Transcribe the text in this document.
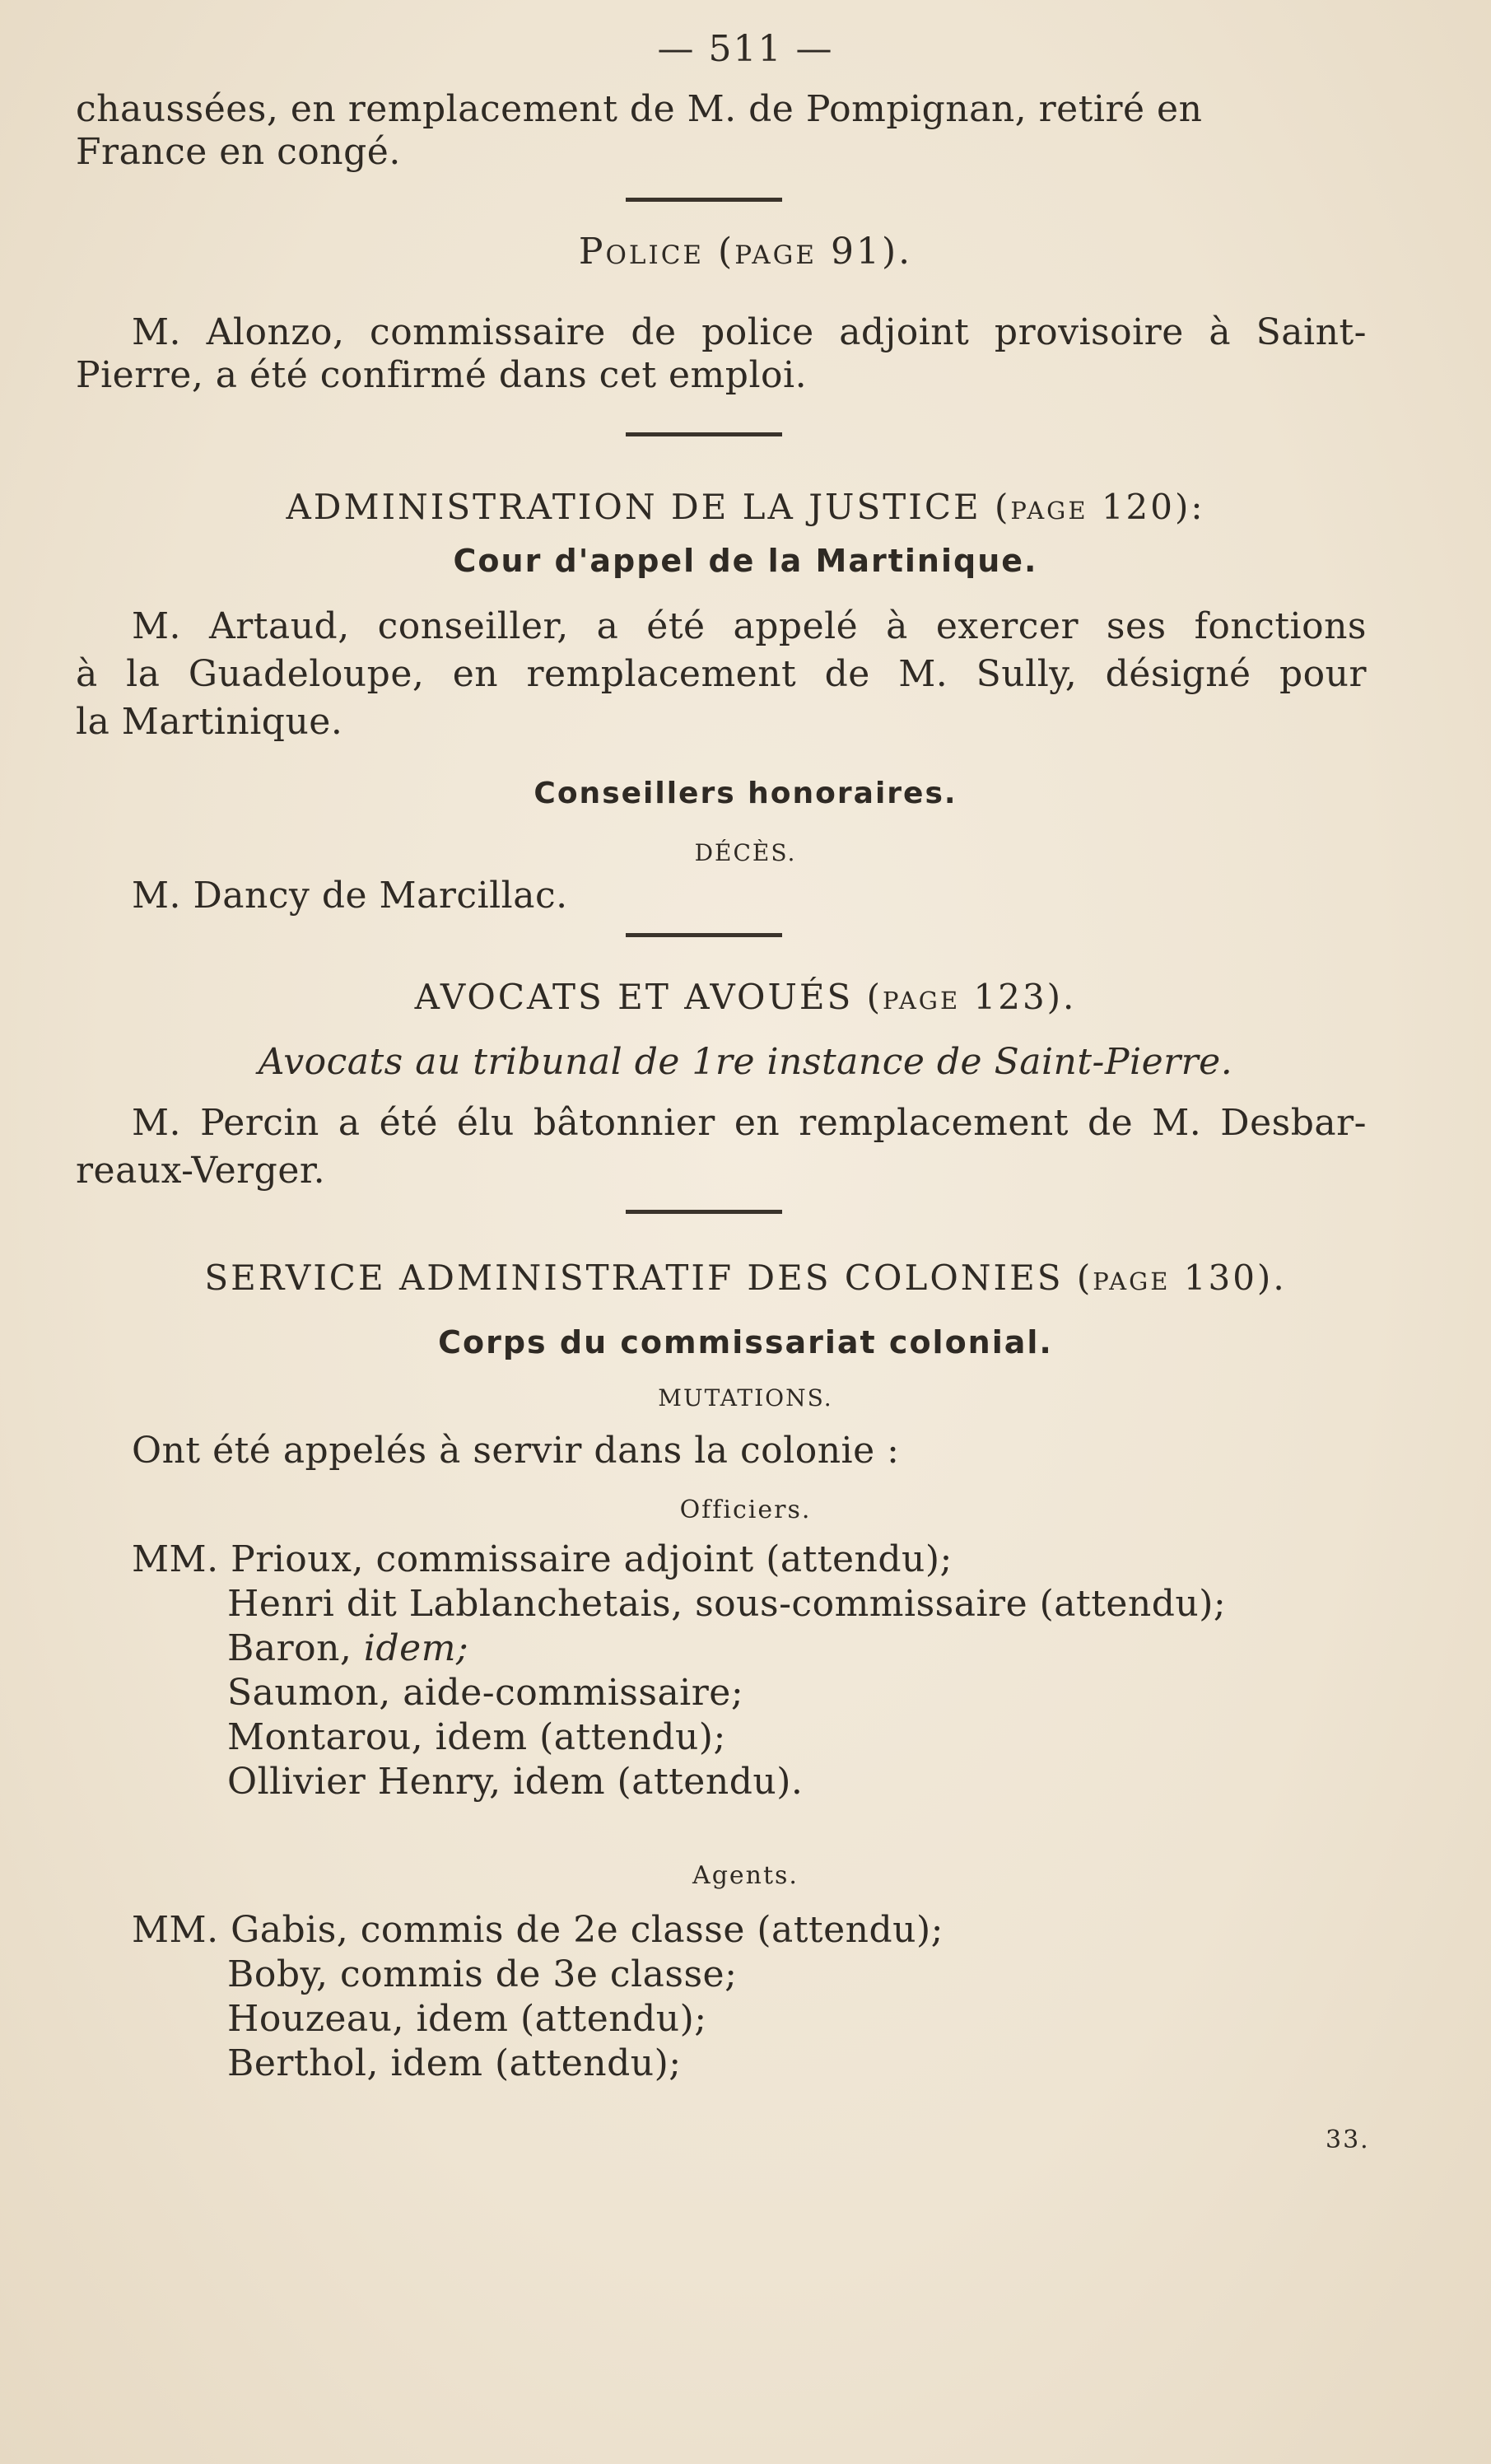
— 511 —
chaussées, en remplacement de M. de Pompignan, retiré en
France en congé.
Police (page 91).
M. Alonzo, commissaire de police adjoint provisoire à Saint-
Pierre, a été confirmé dans cet emploi.
ADMINISTRATION DE LA JUSTICE (page 120):
Cour d'appel de la Martinique.
M. Artaud, conseiller, a été appelé à exercer ses fonctions
à la Guadeloupe, en remplacement de M. Sully, désigné pour
la Martinique.
Conseillers honoraires.
DÉCÈS.
M. Dancy de Marcillac.
AVOCATS ET AVOUÉS (page 123).
Avocats au tribunal de 1re instance de Saint-Pierre.
M. Percin a été élu bâtonnier en remplacement de M. Desbar-
reaux-Verger.
SERVICE ADMINISTRATIF DES COLONIES (page 130).
Corps du commissariat colonial.
MUTATIONS.
Ont été appelés à servir dans la colonie :
Officiers.
MM. Prioux, commissaire adjoint (attendu);
Henri dit Lablanchetais, sous-commissaire (attendu);
Baron, idem;
Saumon, aide-commissaire;
Montarou, idem (attendu);
Ollivier Henry, idem (attendu).
Agents.
MM. Gabis, commis de 2e classe (attendu);
Boby, commis de 3e classe;
Houzeau, idem (attendu);
Berthol, idem (attendu);
33.
